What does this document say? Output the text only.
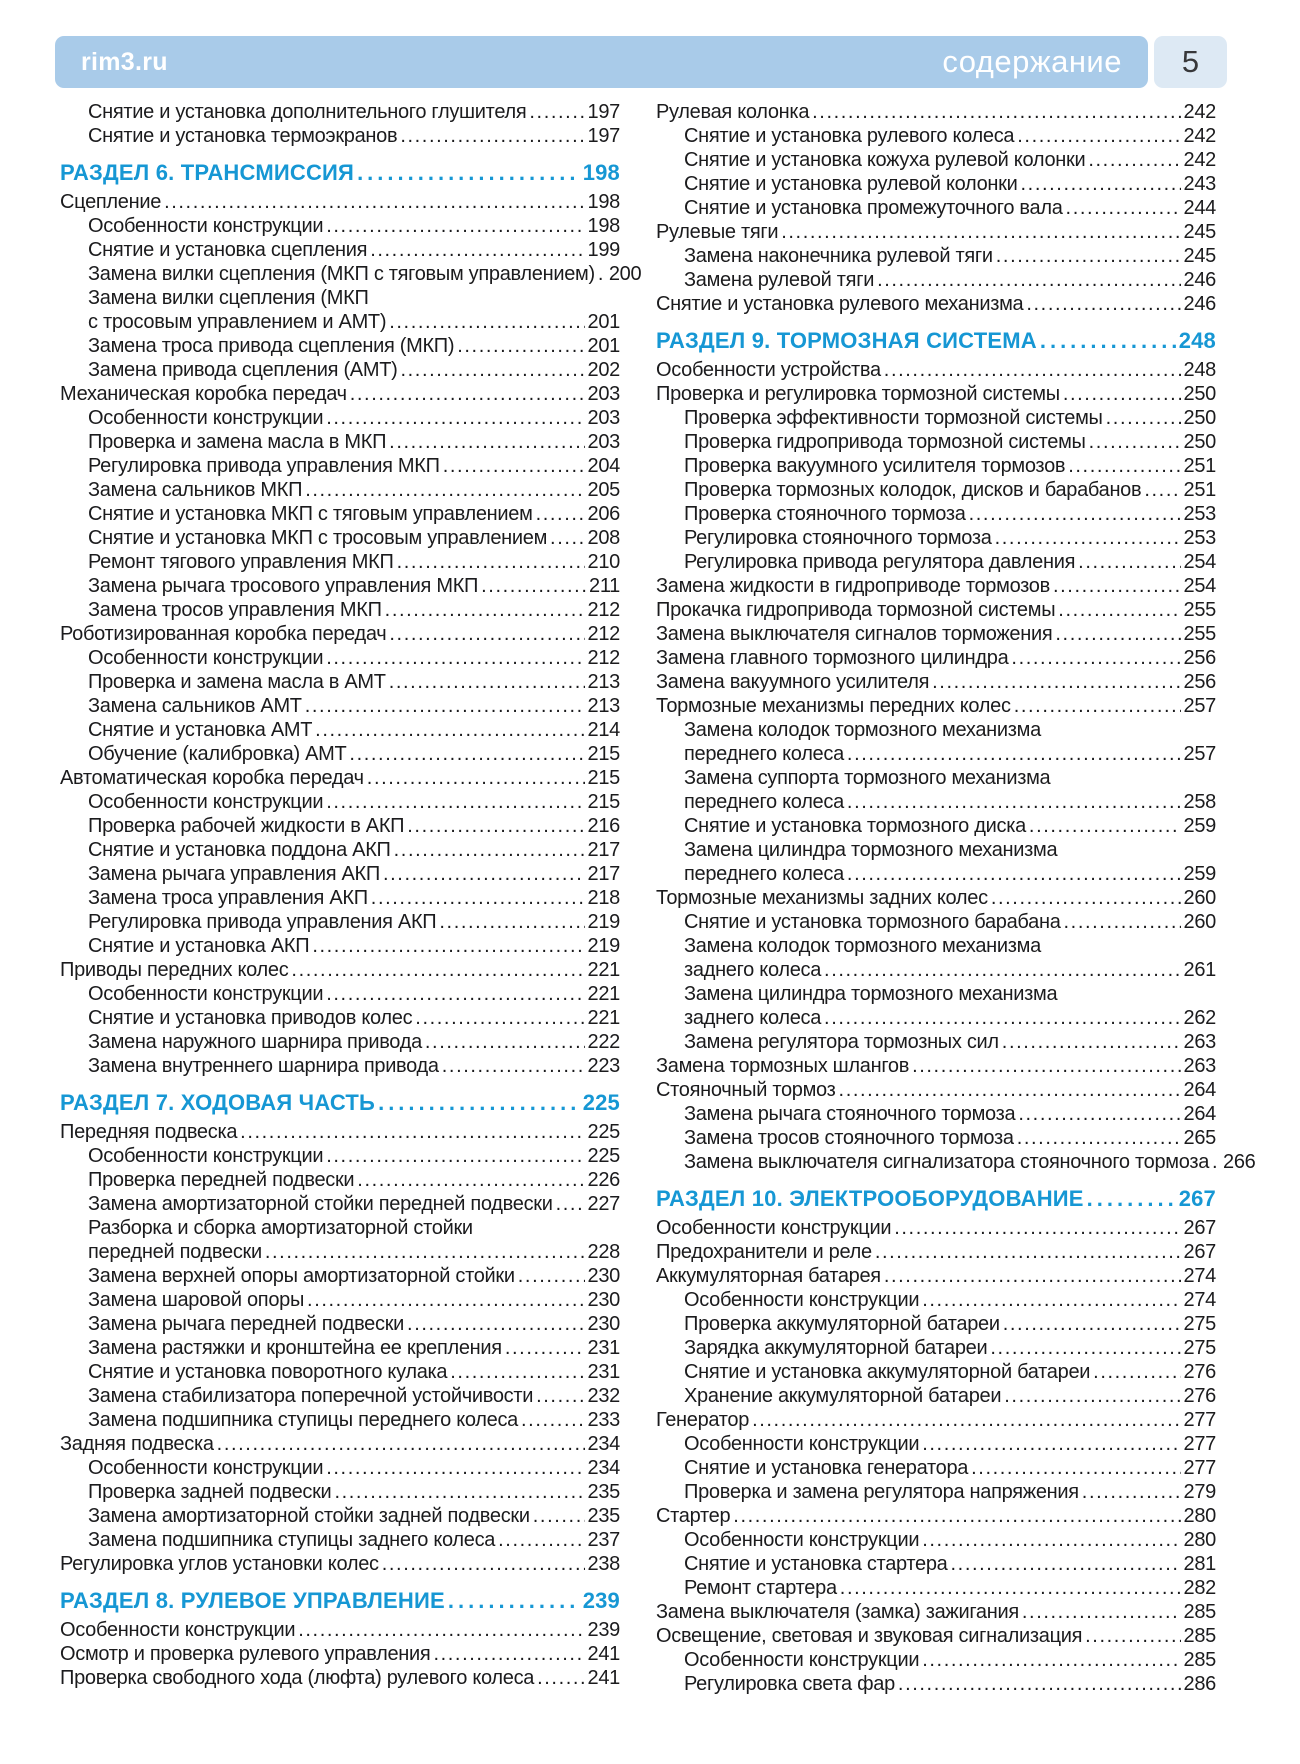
rim3.ru	содержание 5
Снятие и установка дополнительного глушителя .....	197
Снятие и установка термоэкранов .....	197
РАЗДЕЛ 6. ТРАНСМИССИЯ .....	198
Сцепление .....	198
Особенности конструкции .....	198
Снятие и установка сцепления .....	199
Замена вилки сцепления (МКП с тяговым управлением) ..... 200
Замена вилки сцепления (МКП
с тросовым управлением и АМТ) .....	201
Замена троса привода сцепления (МКП) .....	201
Замена привода сцепления (АМТ) .....	202
Механическая коробка передач .....	203
Особенности конструкции .....	203
Проверка и замена масла в МКП .....	203
Регулировка привода управления МКП .....	204
Замена сальников МКП .....	205
Снятие и установка МКП с тяговым управлением .....	206
Снятие и установка МКП с тросовым управлением ..... 208
Ремонт тягового управления МКП .....	210
Замена рычага тросового управления МКП .....	211
Замена тросов управления МКП .....	212
Роботизированная коробка передач .....	212
Особенности конструкции .....	212
Проверка и замена масла в АМТ .....	213
Замена сальников АМТ .....	213
Снятие и установка АМТ .....	214
Обучение (калибровка) АМТ .....	215
Автоматическая коробка передач .....	215
Особенности конструкции .....	215
Проверка рабочей жидкости в АКП .....	216
Снятие и установка поддона АКП .....	217
Замена рычага управления АКП .....	217
Замена троса управления АКП .....	218
Регулировка привода управления АКП .....	219
Снятие и установка АКП .....	219
Приводы передних колес .....	221
Особенности конструкции .....	221
Снятие и установка приводов колес .....	221
Замена наружного шарнира привода .....	222
Замена внутреннего шарнира привода .....	223
РАЗДЕЛ 7. ХОДОВАЯ ЧАСТЬ .....	225
Передняя подвеска .....	225
Особенности конструкции .....	225
Проверка передней подвески .....	226
Замена амортизаторной стойки передней подвески ..... 227
Разборка и сборка амортизаторной стойки
передней подвески .....	228
Замена верхней опоры амортизаторной стойки .....	230
Замена шаровой опоры .....	230
Замена рычага передней подвески .....	230
Замена растяжки и кронштейна ее крепления .....	231
Снятие и установка поворотного кулака .....	231
Замена стабилизатора поперечной устойчивости .....	232
Замена подшипника ступицы переднего колеса .....	233
Задняя подвеска .....	234
Особенности конструкции .....	234
Проверка задней подвески .....	235
Замена амортизаторной стойки задней подвески .....	235
Замена подшипника ступицы заднего колеса .....	237
Регулировка углов установки колес .....	238
РАЗДЕЛ 8. РУЛЕВОЕ УПРАВЛЕНИЕ .....	239
Особенности конструкции .....	239
Осмотр и проверка рулевого управления .....	241
Проверка свободного хода (люфта) рулевого колеса .....	241
Рулевая колонка .....	242
Снятие и установка рулевого колеса .....	242
Снятие и установка кожуха рулевой колонки .....	242
Снятие и установка рулевой колонки .....	243
Снятие и установка промежуточного вала .....	244
Рулевые тяги .....	245
Замена наконечника рулевой тяги .....	245
Замена рулевой тяги .....	246
Снятие и установка рулевого механизма .....	246
РАЗДЕЛ 9. ТОРМОЗНАЯ СИСТЕМА .....	248
Особенности устройства .....	248
Проверка и регулировка тормозной системы .....	250
Проверка эффективности тормозной системы .....	250
Проверка гидропривода тормозной системы .....	250
Проверка вакуумного усилителя тормозов .....	251
Проверка тормозных колодок, дисков и барабанов ..... 251
Проверка стояночного тормоза .....	253
Регулировка стояночного тормоза .....	253
Регулировка привода регулятора давления .....	254
Замена жидкости в гидроприводе тормозов .....	254
Прокачка гидропривода тормозной системы .....	255
Замена выключателя сигналов торможения .....	255
Замена главного тормозного цилиндра .....	256
Замена вакуумного усилителя .....	256
Тормозные механизмы передних колес .....	257
Замена колодок тормозного механизма
переднего колеса .....	257
Замена суппорта тормозного механизма
переднего колеса .....	258
Снятие и установка тормозного диска .....	259
Замена цилиндра тормозного механизма
переднего колеса .....	259
Тормозные механизмы задних колес .....	260
Снятие и установка тормозного барабана .....	260
Замена колодок тормозного механизма
заднего колеса .....	261
Замена цилиндра тормозного механизма
заднего колеса .....	262
Замена регулятора тормозных сил .....	263
Замена тормозных шлангов .....	263
Стояночный тормоз .....	264
Замена рычага стояночного тормоза .....	264
Замена тросов стояночного тормоза .....	265
Замена выключателя сигнализатора стояночного тормоза ..... 266
РАЗДЕЛ 10. ЭЛЕКТРООБОРУДОВАНИЕ .....	267
Особенности конструкции .....	267
Предохранители и реле .....	267
Аккумуляторная батарея .....	274
Особенности конструкции .....	274
Проверка аккумуляторной батареи .....	275
Зарядка аккумуляторной батареи .....	275
Снятие и установка аккумуляторной батареи .....	276
Хранение аккумуляторной батареи .....	276
Генератор .....	277
Особенности конструкции .....	277
Снятие и установка генератора .....	277
Проверка и замена регулятора напряжения .....	279
Стартер .....	280
Особенности конструкции .....	280
Снятие и установка стартера .....	281
Ремонт стартера .....	282
Замена выключателя (замка) зажигания .....	285
Освещение, световая и звуковая сигнализация .....	285
Особенности конструкции .....	285
Регулировка света фар .....	286
